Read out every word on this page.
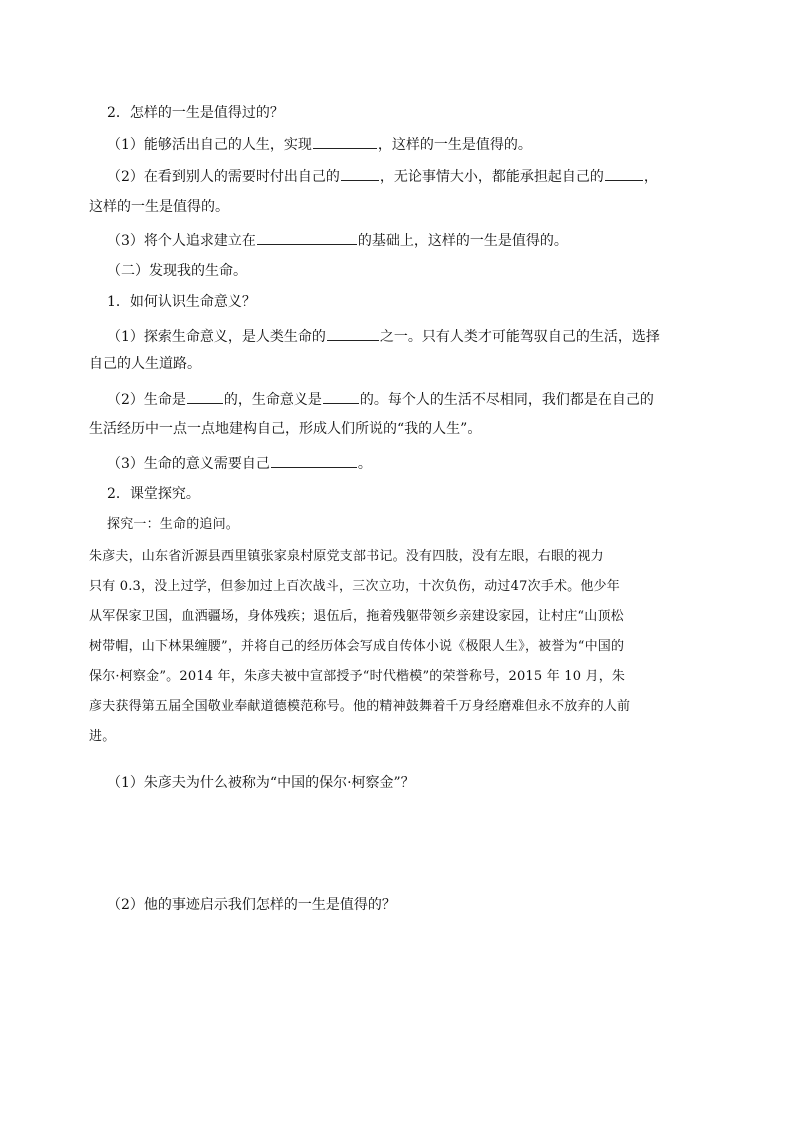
2．怎样的一生是值得过的？
（1）能够活出自己的人生，实现	，这样的一生是值得的。
（2）在看到别人的需要时付出自己的	，无论事情大小，都能承担起自己的	，
这样的一生是值得的。
（3）将个人追求建立在	的基础上，这样的一生是值得的。
（二）发现我的生命。
1．如何认识生命意义？
（1）探索生命意义，是人类生命的	之一。只有人类才可能驾驭自己的生活，选择
自己的人生道路。
（2）生命是	的，生命意义是	的。每个人的生活不尽相同，我们都是在自己的
生活经历中一点一点地建构自己，形成人们所说的“我的人生”。
（3）生命的意义需要自己	。
2．课堂探究。
探究一：生命的追问。
朱彦夫，山东省沂源县西里镇张家泉村原党支部书记。没有四肢，没有左眼，右眼的视力
只有 0.3，没上过学，但参加过上百次战斗，三次立功，十次负伤，动过47次手术。他少年
从军保家卫国，血洒疆场，身体残疾；退伍后，拖着残躯带领乡亲建设家园，让村庄“山顶松
树带帽，山下林果缠腰”，并将自己的经历体会写成自传体小说《极限人生》，被誉为“中国的
保尔·柯察金”。2014 年，朱彦夫被中宣部授予“时代楷模”的荣誉称号，2015 年 10 月，朱
彦夫获得第五届全国敬业奉献道德模范称号。他的精神鼓舞着千万身经磨难但永不放弃的人前
进。
（1）朱彦夫为什么被称为“中国的保尔·柯察金”？
（2）他的事迹启示我们怎样的一生是值得的？
